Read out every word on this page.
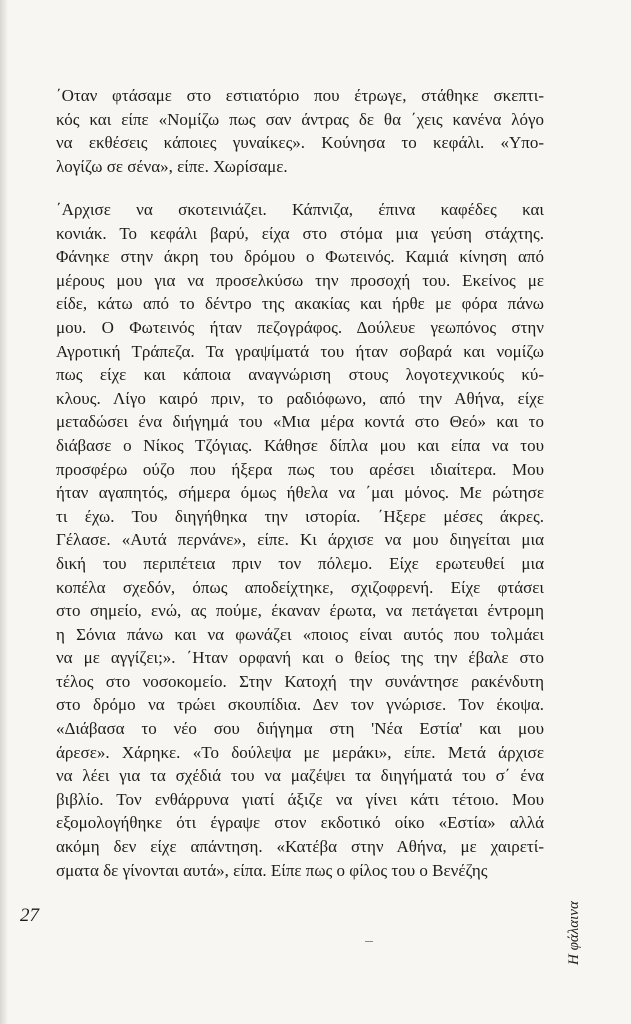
΄Οταν φτάσαμε στο εστιατόριο που έτρωγε, στάθηκε σκεπτι-
κός και είπε «Νομίζω πως σαν άντρας δε θα ΄χεις κανένα λόγο
να εκθέσεις κάποιες γυναίκες». Κούνησα το κεφάλι. «Υπο-
λογίζω σε σένα», είπε. Χωρίσαμε.
΄Αρχισε να σκοτεινιάζει. Κάπνιζα, έπινα καφέδες και
κονιάκ. Το κεφάλι βαρύ, είχα στο στόμα μια γεύση στάχτης.
Φάνηκε στην άκρη του δρόμου ο Φωτεινός. Καμιά κίνηση από
μέρους μου για να προσελκύσω την προσοχή του. Εκείνος με
είδε, κάτω από το δέντρο της ακακίας και ήρθε με φόρα πάνω
μου. Ο Φωτεινός ήταν πεζογράφος. Δούλευε γεωπόνος στην
Αγροτική Τράπεζα. Τα γραψίματά του ήταν σοβαρά και νομίζω
πως είχε και κάποια αναγνώριση στους λογοτεχνικούς κύ-
κλους. Λίγο καιρό πριν, το ραδιόφωνο, από την Αθήνα, είχε
μεταδώσει ένα διήγημά του «Μια μέρα κοντά στο Θεό» και το
διάβασε ο Νίκος Τζόγιας. Κάθησε δίπλα μου και είπα να του
προσφέρω ούζο που ήξερα πως του αρέσει ιδιαίτερα. Μου
ήταν αγαπητός, σήμερα όμως ήθελα να ΄μαι μόνος. Με ρώτησε
τι έχω. Του διηγήθηκα την ιστορία. ΄Ηξερε μέσες άκρες.
Γέλασε. «Αυτά περνάνε», είπε. Κι άρχισε να μου διηγείται μια
δική του περιπέτεια πριν τον πόλεμο. Είχε ερωτευθεί μια
κοπέλα σχεδόν, όπως αποδείχτηκε, σχιζοφρενή. Είχε φτάσει
στο σημείο, ενώ, ας πούμε, έκαναν έρωτα, να πετάγεται έντρομη
η Σόνια πάνω και να φωνάζει «ποιος είναι αυτός που τολμάει
να με αγγίζει;». ΄Ηταν ορφανή και ο θείος της την έβαλε στο
τέλος στο νοσοκομείο. Στην Κατοχή την συνάντησε ρακένδυτη
στο δρόμο να τρώει σκουπίδια. Δεν τον γνώρισε. Τον έκοψα.
«Διάβασα το νέο σου διήγημα στη 'Νέα Εστία' και μου
άρεσε». Χάρηκε. «Το δούλεψα με μεράκι», είπε. Μετά άρχισε
να λέει για τα σχέδιά του να μαζέψει τα διηγήματά του σ΄ ένα
βιβλίο. Τον ενθάρρυνα γιατί άξιζε να γίνει κάτι τέτοιο. Μου
εξομολογήθηκε ότι έγραψε στον εκδοτικό οίκο «Εστία» αλλά
ακόμη δεν είχε απάντηση. «Κατέβα στην Αθήνα, με χαιρετί-
σματα δε γίνονται αυτά», είπα. Είπε πως ο φίλος του ο Βενέζης
27	Η φάλαινα
